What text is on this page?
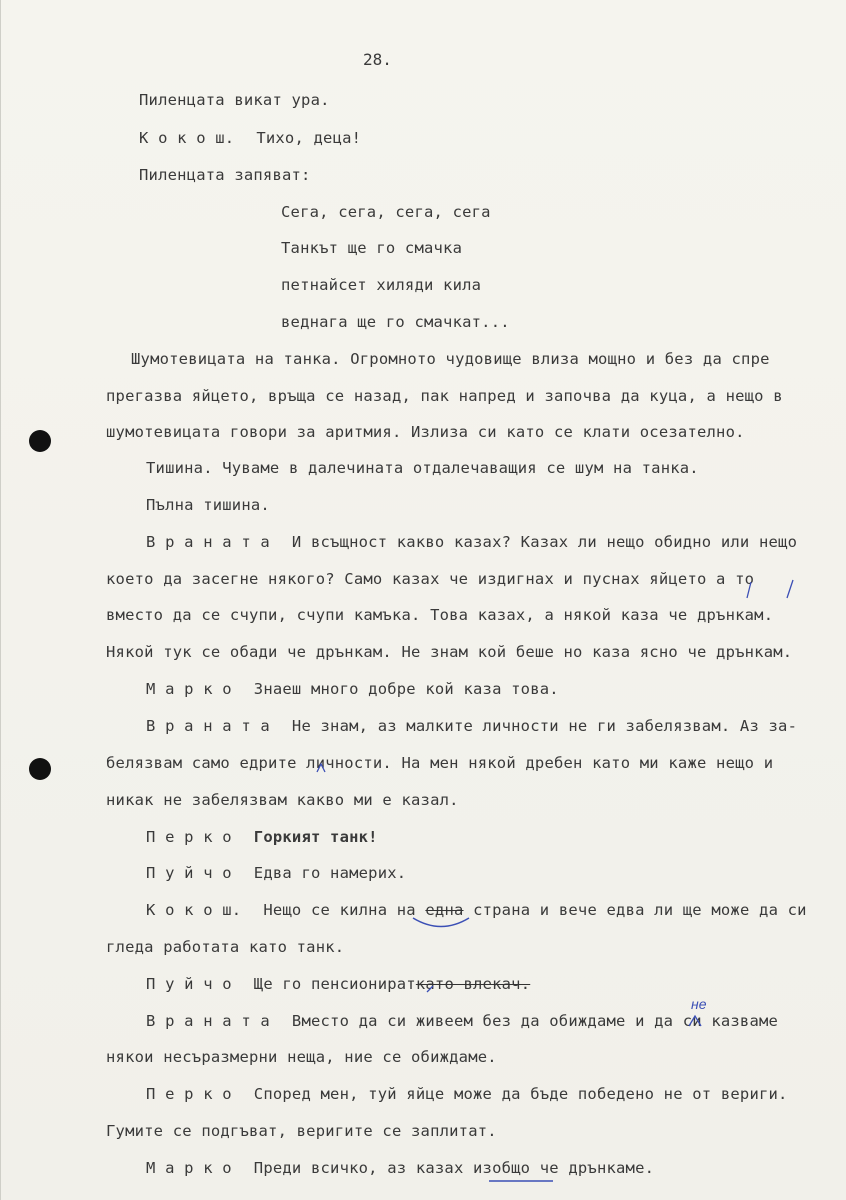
28.
Пиленцата викат ура.
К о к о ш. Тихо, деца!
Пиленцата запяват:
Сега, сега, сега, сега
Танкът ще го смачка
петнайсет хиляди кила
веднага ще го смачкат...
Шумотевицата на танка. Огромното чудовище влиза мощно и без да спре
прегазва яйцето, връща се назад, пак напред и започва да куца, а нещо в
шумотевицата говори за аритмия. Излиза си като се клати осезателно.
Тишина. Чуваме в далечината отдалечаващия се шум на танка.
Пълна тишина.
В р а н а т а И всъщност какво казах? Казах ли нещо обидно или нещо
което да засегне някого? Само казах че издигнах и пуснах яйцето а то
вместо да се счупи, счупи камъка. Това казах, а някой каза че дрънкам.
Някой тук се обади че дрънкам. Не знам кой беше но каза ясно че дрънкам.
М а р к о Знаеш много добре кой каза това.
В р а н а т а Не знам, аз малките личности не ги забелязвам. Аз за-
белязвам само едрите личности. На мен някой дребен като ми каже нещо и
никак не забелязвам какво ми е казал.
П е р к о Горкият танк!
П у й ч о Едва го намерих.
К о к о ш. Нещо се килна на една страна и вече едва ли ще може да си
гледа работата като танк.
П у й ч о Ще го пенсионираткато влекач.
не
В р а н а т а Вместо да си живеем без да обиждаме и да си казваме
някои несъразмерни неща, ние се обиждаме.
П е р к о Според мен, туй яйце може да бъде победено не от вериги.
Гумите се подгъват, веригите се заплитат.
М а р к о Преди всичко, аз казах изобщо че дрънкаме.
